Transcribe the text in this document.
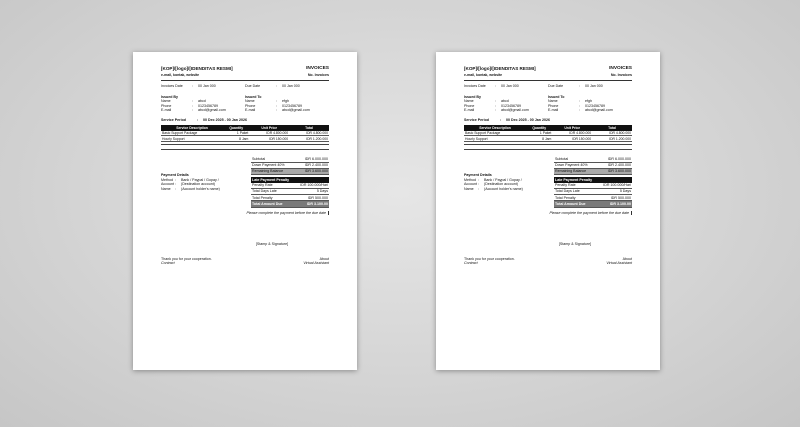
[KOP]/[logo]/[IDENDITAS RESMI]
e-mail, kontak, website
INVOICES
No. Invoices
Invoices Date	:	00 Jan 000	Due Date	:	00 Jan 000
Issued By
Name	:	abcd
Phone	:	0123456789
E-mail	:	abcd@gmail.com
Issued To
Name	:	efgh
Phone	:	0123456789
E-mail	:	abcd@gmail.com
Service Period	:	00 Dec 2025 - 00 Jan 2026
Service Description	Quantity	Unit Price	Total
Basic Support Package	1 Paket	IDR 4.800.000	IDR 4.800.000
Hourly Support	8 Jam	IDR 150.000	IDR 1.200.000
Payment Details
Method :	Bank / Paypal / Gopay /
Account :	(Destination account)
Name	:	(Account holder's name)
Subtotal	IDR 6.000.000
Down Payment 40%	IDR 2.400.000
Remaining Balance	IDR 3.600.000
Late Payment Penalty
Penalty Rate	IDR 100.000/Hari
Total Days Late	5 Days
Total Penalty	IDR 500.000
Total Amount Due	IDR 3.100.00
Please complete the payment before the due date
[Stamp & Signature]
Thank you for your cooperation.
Contract
About
Virtual Assistant
[KOP]/[logo]/[IDENDITAS RESMI]
e-mail, kontak, website
INVOICES
No. Invoices
Invoices Date	:	00 Jan 000	Due Date	:	00 Jan 000
Issued By
Name	:	abcd
Phone	:	0123456789
E-mail	:	abcd@gmail.com
Issued To
Name	:	efgh
Phone	:	0123456789
E-mail	:	abcd@gmail.com
Service Period	:	00 Dec 2025 - 00 Jan 2026
Service Description	Quantity	Unit Price	Total
Basic Support Package	1 Paket	IDR 4.800.000	IDR 4.800.000
Hourly Support	8 Jam	IDR 150.000	IDR 1.200.000
Payment Details
Method :	Bank / Paypal / Gopay /
Account :	(Destination account)
Name	:	(Account holder's name)
Subtotal	IDR 6.000.000
Down Payment 40%	IDR 2.400.000
Remaining Balance	IDR 3.600.000
Late Payment Penalty
Penalty Rate	IDR 100.000/Hari
Total Days Late	5 Days
Total Penalty	IDR 500.000
Total Amount Due	IDR 3.100.00
Please complete the payment before the due date
[Stamp & Signature]
Thank you for your cooperation.
Contract
About
Virtual Assistant
